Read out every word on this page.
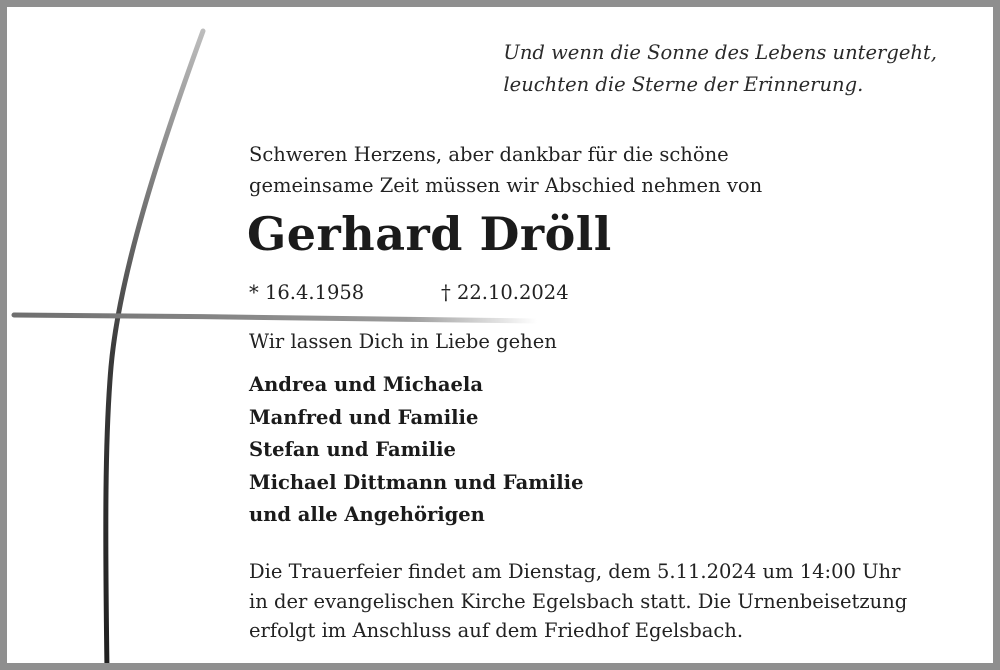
Und wenn die Sonne des Lebens untergeht,
leuchten die Sterne der Erinnerung.
Schweren Herzens, aber dankbar für die schöne
gemeinsame Zeit müssen wir Abschied nehmen von
Gerhard Dröll
* 16.4.1958	† 22.10.2024
Wir lassen Dich in Liebe gehen
Andrea und Michaela
Manfred und Familie
Stefan und Familie
Michael Dittmann und Familie
und alle Angehörigen
Die Trauerfeier findet am Dienstag, dem 5.11.2024 um 14:00 Uhr
in der evangelischen Kirche Egelsbach statt. Die Urnenbeisetzung
erfolgt im Anschluss auf dem Friedhof Egelsbach.
